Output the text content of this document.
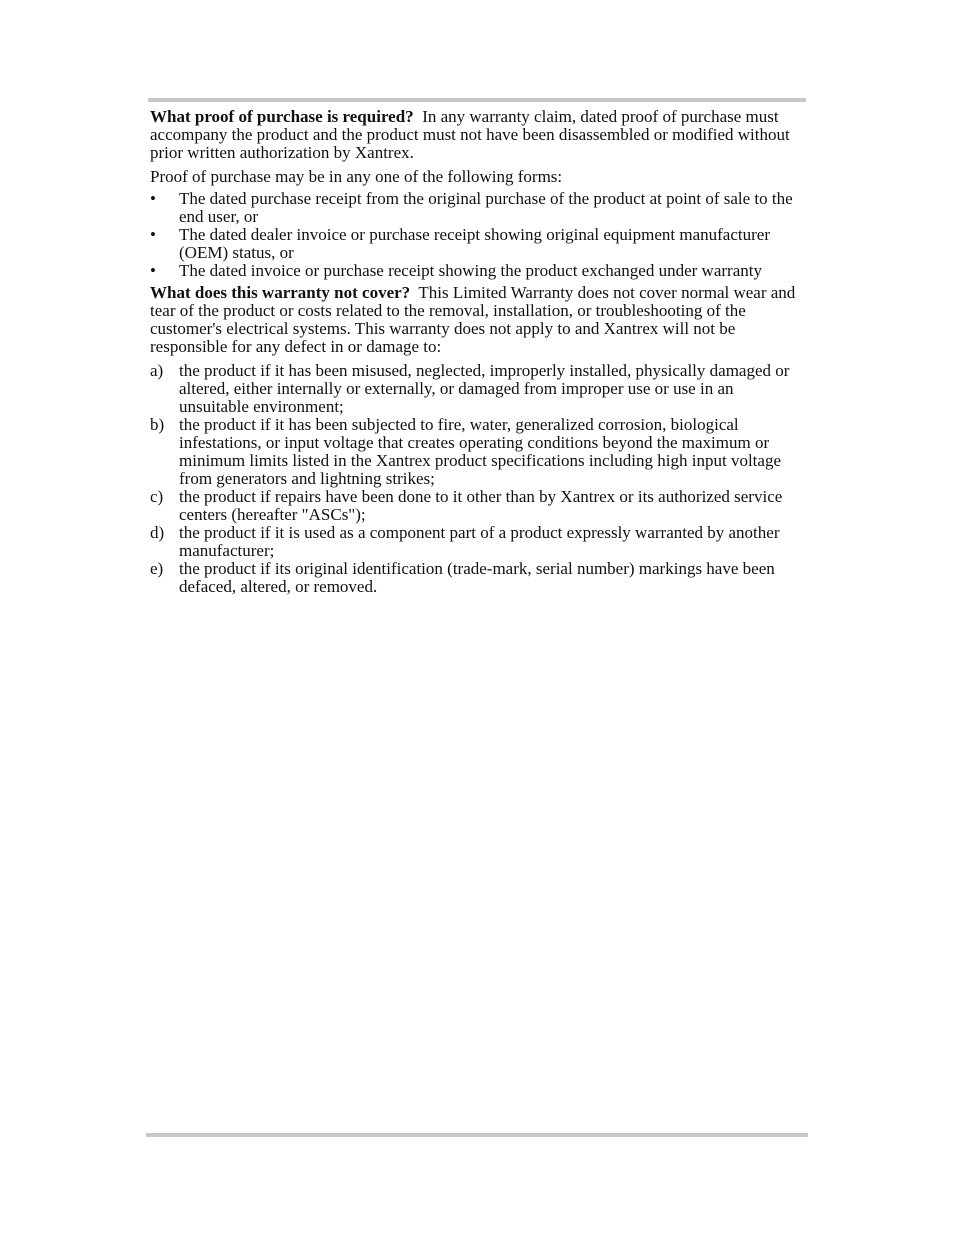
What proof of purchase is required? In any warranty claim, dated proof of purchase must accompany the product and the product must not have been disassembled or modified without prior written authorization by Xantrex.

Proof of purchase may be in any one of the following forms:

•	The dated purchase receipt from the original purchase of the product at point of sale to the end user, or
•	The dated dealer invoice or purchase receipt showing original equipment manufacturer (OEM) status, or
•	The dated invoice or purchase receipt showing the product exchanged under warranty

What does this warranty not cover? This Limited Warranty does not cover normal wear and tear of the product or costs related to the removal, installation, or troubleshooting of the customer's electrical systems. This warranty does not apply to and Xantrex will not be responsible for any defect in or damage to:

a) the product if it has been misused, neglected, improperly installed, physically damaged or altered, either internally or externally, or damaged from improper use or use in an unsuitable environment;
b) the product if it has been subjected to fire, water, generalized corrosion, biological infestations, or input voltage that creates operating conditions beyond the maximum or minimum limits listed in the Xantrex product specifications including high input voltage from generators and lightning strikes;
c) the product if repairs have been done to it other than by Xantrex or its authorized service centers (hereafter "ASCs");
d) the product if it is used as a component part of a product expressly warranted by another manufacturer;
e) the product if its original identification (trade-mark, serial number) markings have been defaced, altered, or removed.
